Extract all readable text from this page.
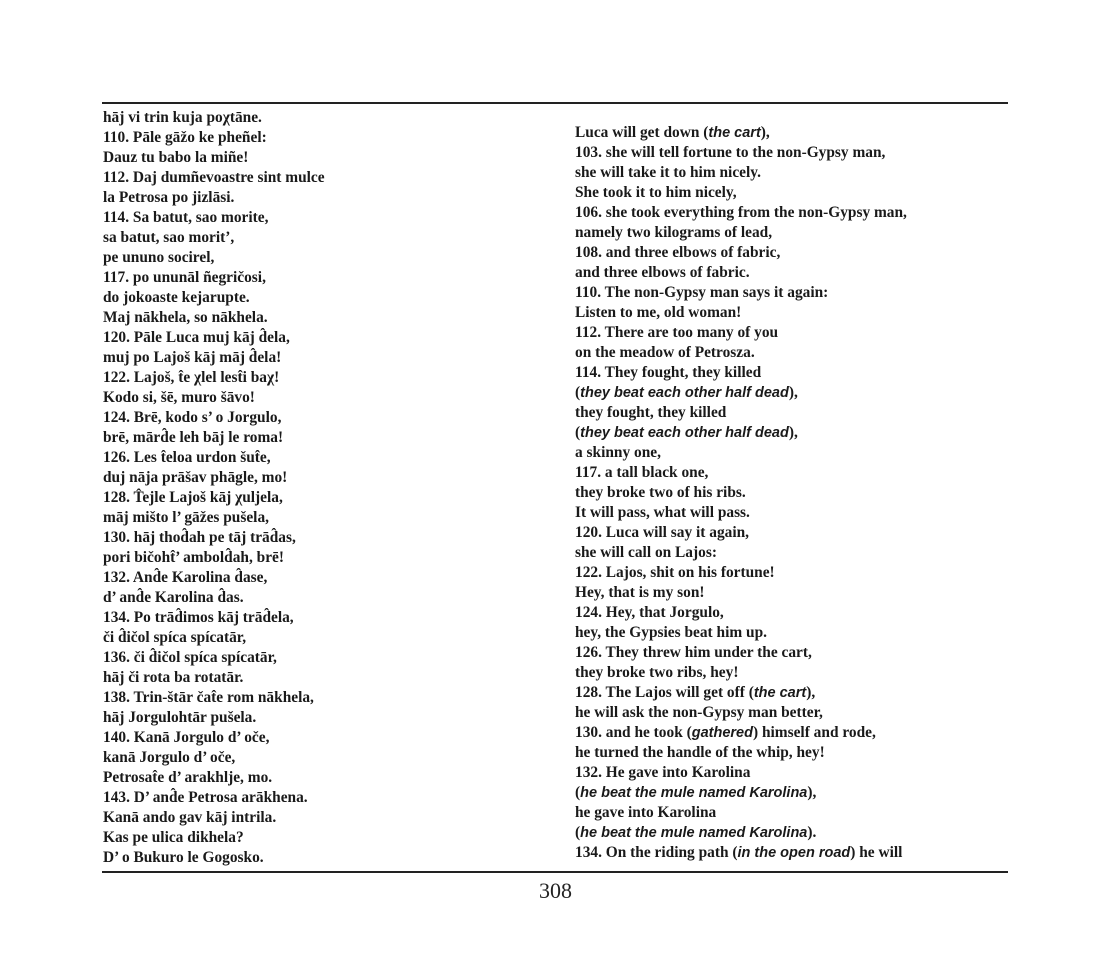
hāj vi trin kuja poχtāne.
110. Pāle gāžo ke pheñel:
Dauz tu babo la miñe!
112. Daj dumñevoastre sint mulce
la Petrosa po jizlāsi.
114. Sa batut, sao morite,
sa batut, sao morit’,
pe ununo socirel,
117. po ununāl ñegričosi,
do jokoaste kejarupte.
Maj nākhela, so nākhela.
120. Pāle Luca muj kāj d̂ela,
muj po Lajoš kāj māj d̂ela!
122. Lajoš, t̂e χlel lest̂i baχ!
Kodo si, šē, muro šāvo!
124. Brē, kodo s’ o Jorgulo,
brē, mārd̂e leh bāj le roma!
126. Les t̂eloa urdon šut̂e,
duj nāja prāšav phāgle, mo!
128. T̂ejle Lajoš kāj χuljela,
māj mišto l’ gāžes pušela,
130. hāj thod̂ah pe tāj trād̂as,
pori bičoht̂’ ambold̂ah, brē!
132. And̂e Karolina d̂ase,
d’ and̂e Karolina d̂as.
134. Po trād̂imos kāj trād̂ela,
či d̂ičol spíca spícatār,
136. či d̂ičol spíca spícatār,
hāj či rota ba rotatār.
138. Trin-štār čat̂e rom nākhela,
hāj Jorgulohtār pušela.
140. Kanā Jorgulo d’ oče,
kanā Jorgulo d’ oče,
Petrosat̂e d’ arakhlje, mo.
143. D’ and̂e Petrosa arākhena.
Kanā ando gav kāj intrila.
Kas pe ulica dikhela?
D’ o Bukuro le Gogosko.
Luca will get down (the cart),
103. she will tell fortune to the non-Gypsy man,
she will take it to him nicely.
She took it to him nicely,
106. she took everything from the non-Gypsy man,
namely two kilograms of lead,
108. and three elbows of fabric,
and three elbows of fabric.
110. The non-Gypsy man says it again:
Listen to me, old woman!
112. There are too many of you
on the meadow of Petrosza.
114. They fought, they killed
(they beat each other half dead),
they fought, they killed
(they beat each other half dead),
a skinny one,
117. a tall black one,
they broke two of his ribs.
It will pass, what will pass.
120. Luca will say it again,
she will call on Lajos:
122. Lajos, shit on his fortune!
Hey, that is my son!
124. Hey, that Jorgulo,
hey, the Gypsies beat him up.
126. They threw him under the cart,
they broke two ribs, hey!
128. The Lajos will get off (the cart),
he will ask the non-Gypsy man better,
130. and he took (gathered) himself and rode,
he turned the handle of the whip, hey!
132. He gave into Karolina
(he beat the mule named Karolina),
he gave into Karolina
(he beat the mule named Karolina).
134. On the riding path (in the open road) he will
308
